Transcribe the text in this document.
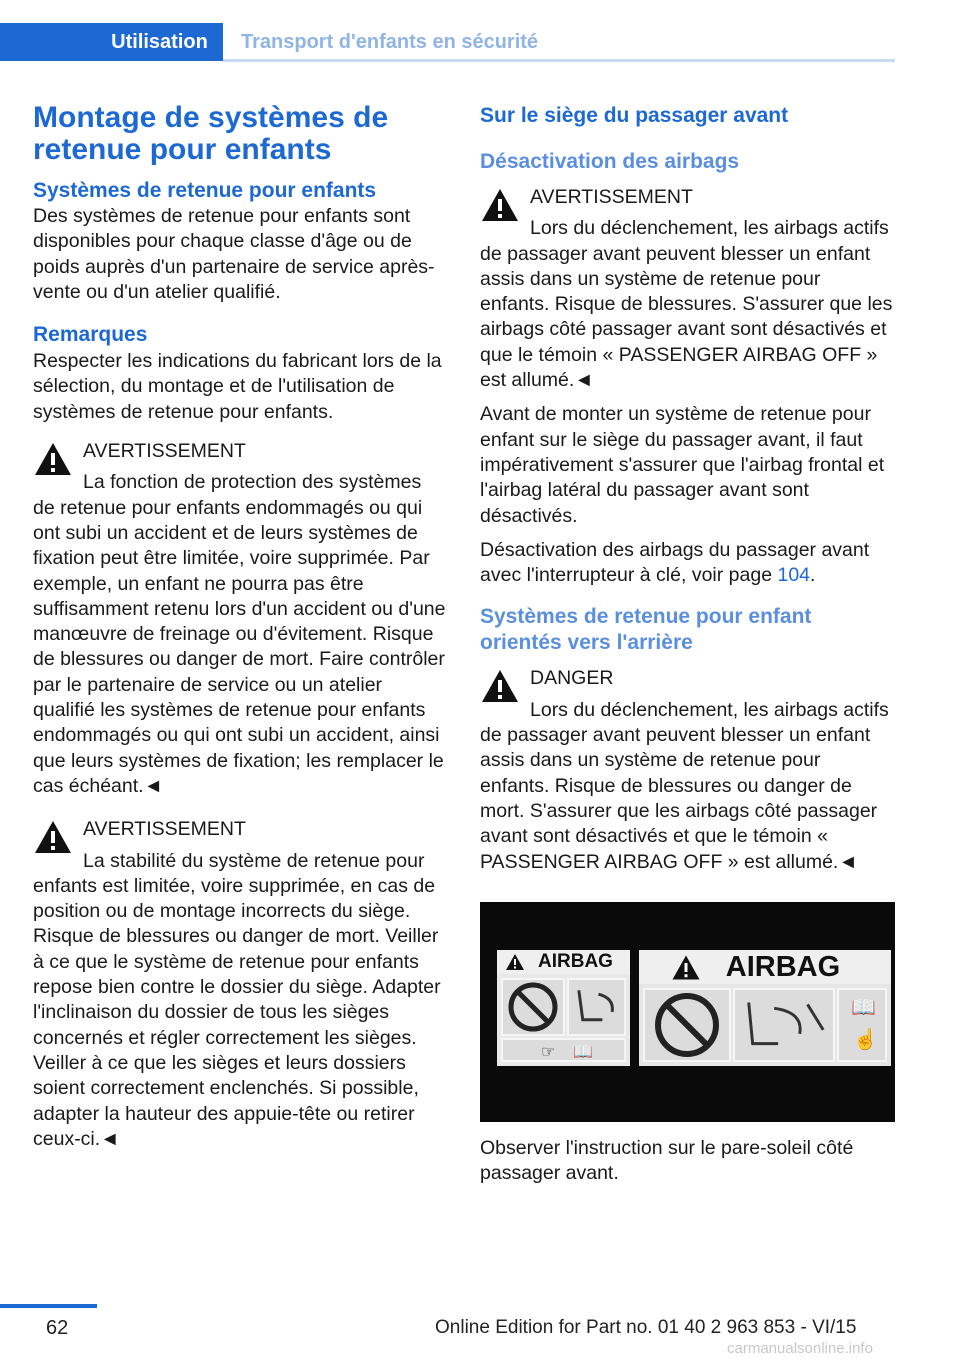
Utilisation	Transport d'enfants en sécurité
Montage de systèmes de retenue pour enfants
Systèmes de retenue pour enfants

Des systèmes de retenue pour enfants sont disponibles pour chaque classe d'âge ou de poids auprès d'un partenaire de service après-vente ou d'un atelier qualifié.

Remarques

Respecter les indications du fabricant lors de la sélection, du montage et de l'utilisation de systèmes de retenue pour enfants.

AVERTISSEMENT

La fonction de protection des systèmes de retenue pour enfants endommagés ou qui ont subi un accident et de leurs systèmes de fixation peut être limitée, voire supprimée. Par exemple, un enfant ne pourra pas être suffisamment retenu lors d'un accident ou d'une manœuvre de freinage ou d'évitement. Risque de blessures ou danger de mort. Faire contrôler par le partenaire de service ou un atelier qualifié les systèmes de retenue pour enfants endommagés ou qui ont subi un accident, ainsi que leurs systèmes de fixation; les remplacer le cas échéant.◄

AVERTISSEMENT

La stabilité du système de retenue pour enfants est limitée, voire supprimée, en cas de position ou de montage incorrects du siège. Risque de blessures ou danger de mort. Veiller à ce que le système de retenue pour enfants repose bien contre le dossier du siège. Adapter l'inclinaison du dossier de tous les sièges concernés et régler correctement les sièges. Veiller à ce que les sièges et leurs dossiers soient correctement enclenchés. Si possible, adapter la hauteur des appuie-tête ou retirer ceux-ci.◄

Sur le siège du passager avant
Désactivation des airbags

AVERTISSEMENT

Lors du déclenchement, les airbags actifs de passager avant peuvent blesser un enfant assis dans un système de retenue pour enfants. Risque de blessures. S'assurer que les airbags côté passager avant sont désactivés et que le témoin « PASSENGER AIRBAG OFF » est allumé.◄

Avant de monter un système de retenue pour enfant sur le siège du passager avant, il faut impérativement s'assurer que l'airbag frontal et l'airbag latéral du passager avant sont désactivés.

Désactivation des airbags du passager avant avec l'interrupteur à clé, voir page 104.

Systèmes de retenue pour enfant orientés vers l'arrière

DANGER

Lors du déclenchement, les airbags actifs de passager avant peuvent blesser un enfant assis dans un système de retenue pour enfants. Risque de blessures ou danger de mort. S'assurer que les airbags côté passager avant sont désactivés et que le témoin « PASSENGER AIRBAG OFF » est allumé.◄

AIRBAG
☞ 📖
AIRBAG
📖
☝

Observer l'instruction sur le pare-soleil côté passager avant.

62	Online Edition for Part no. 01 40 2 963 853 - VI/15
carmanualsonline.info
